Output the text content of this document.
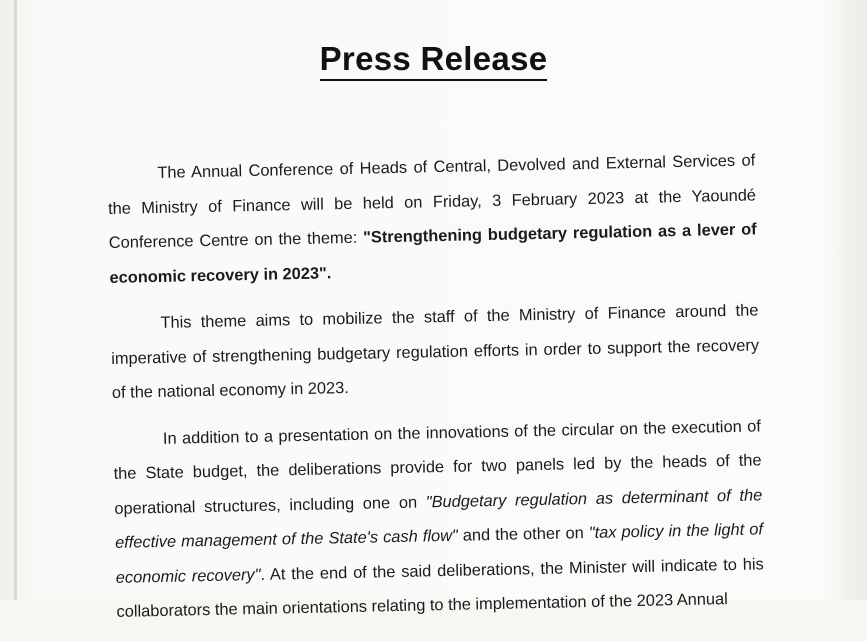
Press Release

The Annual Conference of Heads of Central, Devolved and External Services of the Ministry of Finance will be held on Friday, 3 February 2023 at the Yaoundé Conference Centre on the theme: "Strengthening budgetary regulation as a lever of economic recovery in 2023".

This theme aims to mobilize the staff of the Ministry of Finance around the imperative of strengthening budgetary regulation efforts in order to support the recovery of the national economy in 2023.

In addition to a presentation on the innovations of the circular on the execution of the State budget, the deliberations provide for two panels led by the heads of the operational structures, including one on "Budgetary regulation as determinant of the effective management of the State's cash flow" and the other on "tax policy in the light of economic recovery". At the end of the said deliberations, the Minister will indicate to his collaborators the main orientations relating to the implementation of the 2023 Annual
